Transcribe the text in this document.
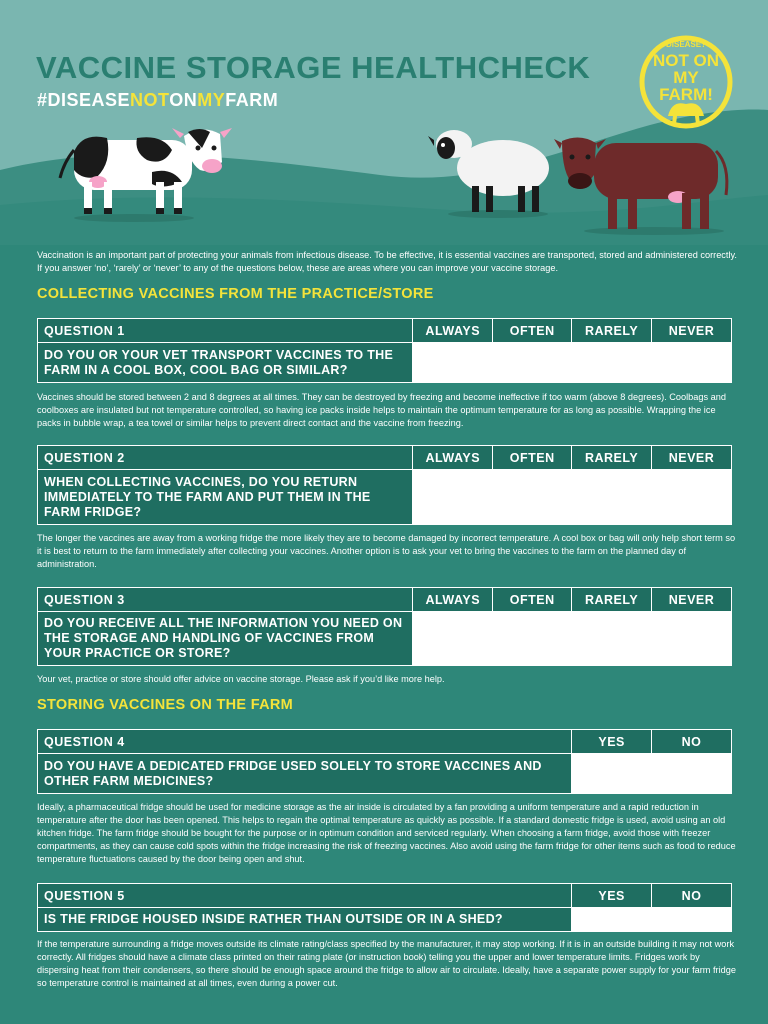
VACCINE STORAGE HEALTHCHECK
#DISEASENOTONMYFARM
DISEASE?
NOT ON
MY FARM!
Vaccination is an important part of protecting your animals from infectious disease. To be effective, it is essential vaccines are transported, stored and administered correctly. If you answer ‘no’, ‘rarely’ or ‘never’ to any of the questions below, these are areas where you can improve your vaccine storage.
COLLECTING VACCINES FROM THE PRACTICE/STORE
QUESTION 1	ALWAYS	OFTEN	RARELY	NEVER
DO YOU OR YOUR VET TRANSPORT VACCINES TO THE FARM IN A COOL BOX, COOL BAG OR SIMILAR?				
Vaccines should be stored between 2 and 8 degrees at all times. They can be destroyed by freezing and become ineffective if too warm (above 8 degrees). Coolbags and coolboxes are insulated but not temperature controlled, so having ice packs inside helps to maintain the optimum temperature for as long as possible. Wrapping the ice packs in bubble wrap, a tea towel or similar helps to prevent direct contact and the vaccine from freezing.
QUESTION 2	ALWAYS	OFTEN	RARELY	NEVER
WHEN COLLECTING VACCINES, DO YOU RETURN IMMEDIATELY TO THE FARM AND PUT THEM IN THE FARM FRIDGE?				
The longer the vaccines are away from a working fridge the more likely they are to become damaged by incorrect temperature. A cool box or bag will only help short term so it is best to return to the farm immediately after collecting your vaccines. Another option is to ask your vet to bring the vaccines to the farm on the planned day of administration.
QUESTION 3	ALWAYS	OFTEN	RARELY	NEVER
DO YOU RECEIVE ALL THE INFORMATION YOU NEED ON THE STORAGE AND HANDLING OF VACCINES FROM YOUR PRACTICE OR STORE?				
Your vet, practice or store should offer advice on vaccine storage. Please ask if you’d like more help.
STORING VACCINES ON THE FARM
QUESTION 4	YES	NO
DO YOU HAVE A DEDICATED FRIDGE USED SOLELY TO STORE VACCINES AND OTHER FARM MEDICINES?		
Ideally, a pharmaceutical fridge should be used for medicine storage as the air inside is circulated by a fan providing a uniform temperature and a rapid reduction in temperature after the door has been opened. This helps to regain the optimal temperature as quickly as possible. If a standard domestic fridge is used, avoid using an old kitchen fridge. The farm fridge should be bought for the purpose or in optimum condition and serviced regularly. When choosing a farm fridge, avoid those with freezer compartments, as they can cause cold spots within the fridge increasing the risk of freezing vaccines. Also avoid using the farm fridge for other items such as food to reduce temperature fluctuations caused by the door being open and shut.
QUESTION 5	YES	NO
IS THE FRIDGE HOUSED INSIDE RATHER THAN OUTSIDE OR IN A SHED?		
If the temperature surrounding a fridge moves outside its climate rating/class specified by the manufacturer, it may stop working. If it is in an outside building it may not work correctly. All fridges should have a climate class printed on their rating plate (or instruction book) telling you the upper and lower temperature limits. Fridges work by dispersing heat from their condensers, so there should be enough space around the fridge to allow air to circulate. Ideally, have a separate power supply for your farm fridge so temperature control is maintained at all times, even during a power cut.
